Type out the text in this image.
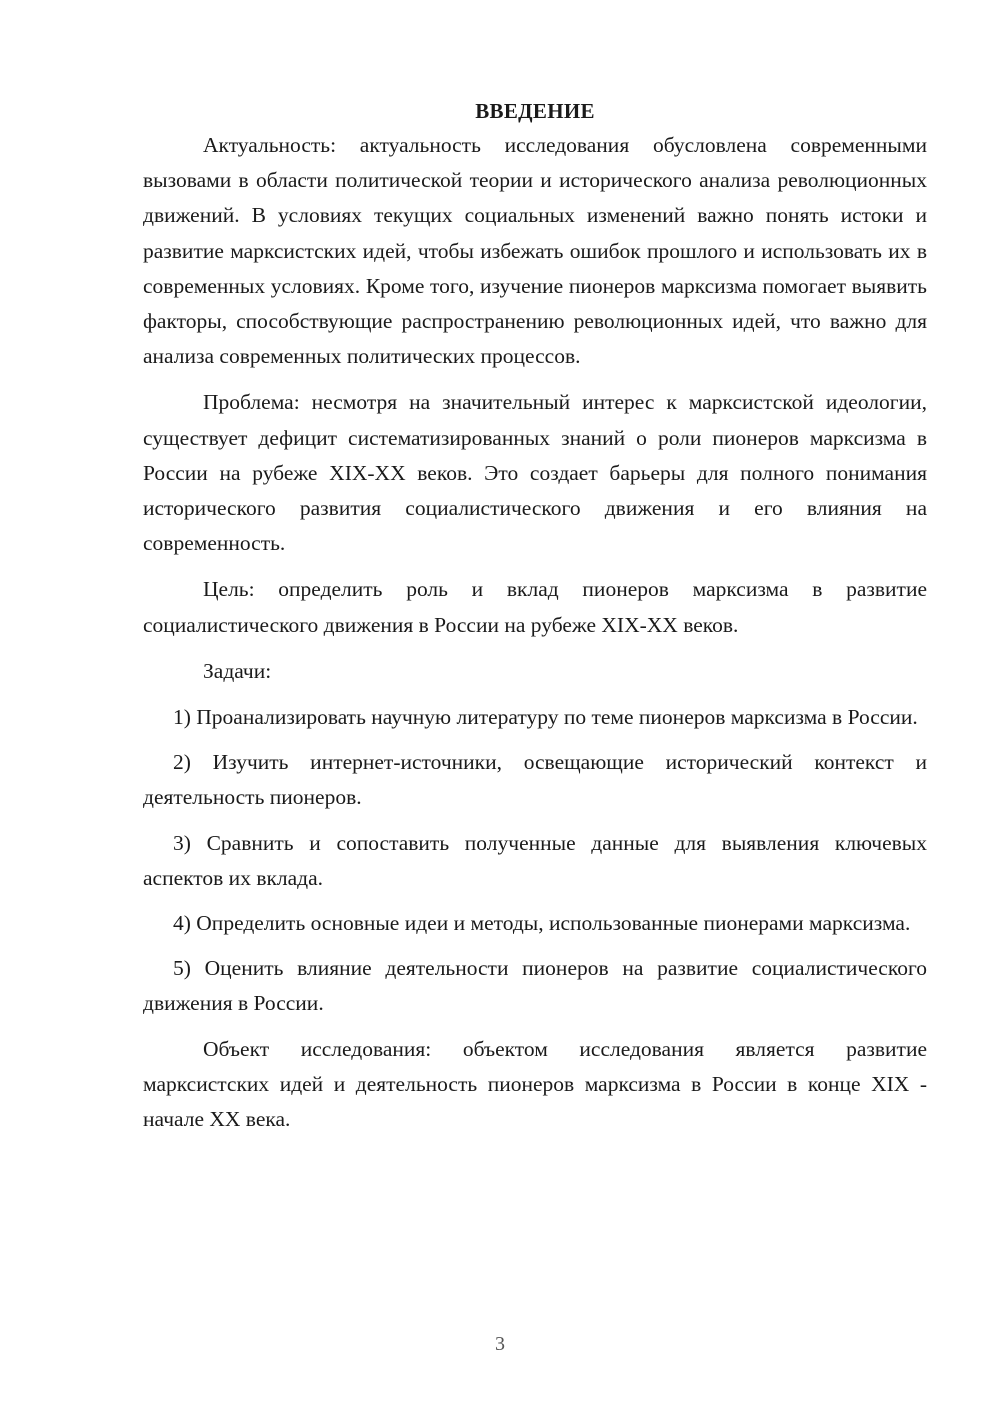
ВВЕДЕНИЕ

Актуальность: актуальность исследования обусловлена современными вызовами в области политической теории и исторического анализа революционных движений. В условиях текущих социальных изменений важно понять истоки и развитие марксистских идей, чтобы избежать ошибок прошлого и использовать их в современных условиях. Кроме того, изучение пионеров марксизма помогает выявить факторы, способствующие распространению революционных идей, что важно для анализа современных политических процессов.

Проблема: несмотря на значительный интерес к марксистской идеологии, существует дефицит систематизированных знаний о роли пионеров марксизма в России на рубеже XIX-XX веков. Это создает барьеры для полного понимания исторического развития социалистического движения и его влияния на современность.

Цель: определить роль и вклад пионеров марксизма в развитие социалистического движения в России на рубеже XIX-XX веков.

Задачи:

1) Проанализировать научную литературу по теме пионеров марксизма в России.

2) Изучить интернет-источники, освещающие исторический контекст и деятельность пионеров.

3) Сравнить и сопоставить полученные данные для выявления ключевых аспектов их вклада.

4) Определить основные идеи и методы, использованные пионерами марксизма.

5) Оценить влияние деятельности пионеров на развитие социалистического движения в России.

Объект исследования: объектом исследования является развитие марксистских идей и деятельность пионеров марксизма в России в конце XIX - начале XX века.

3
